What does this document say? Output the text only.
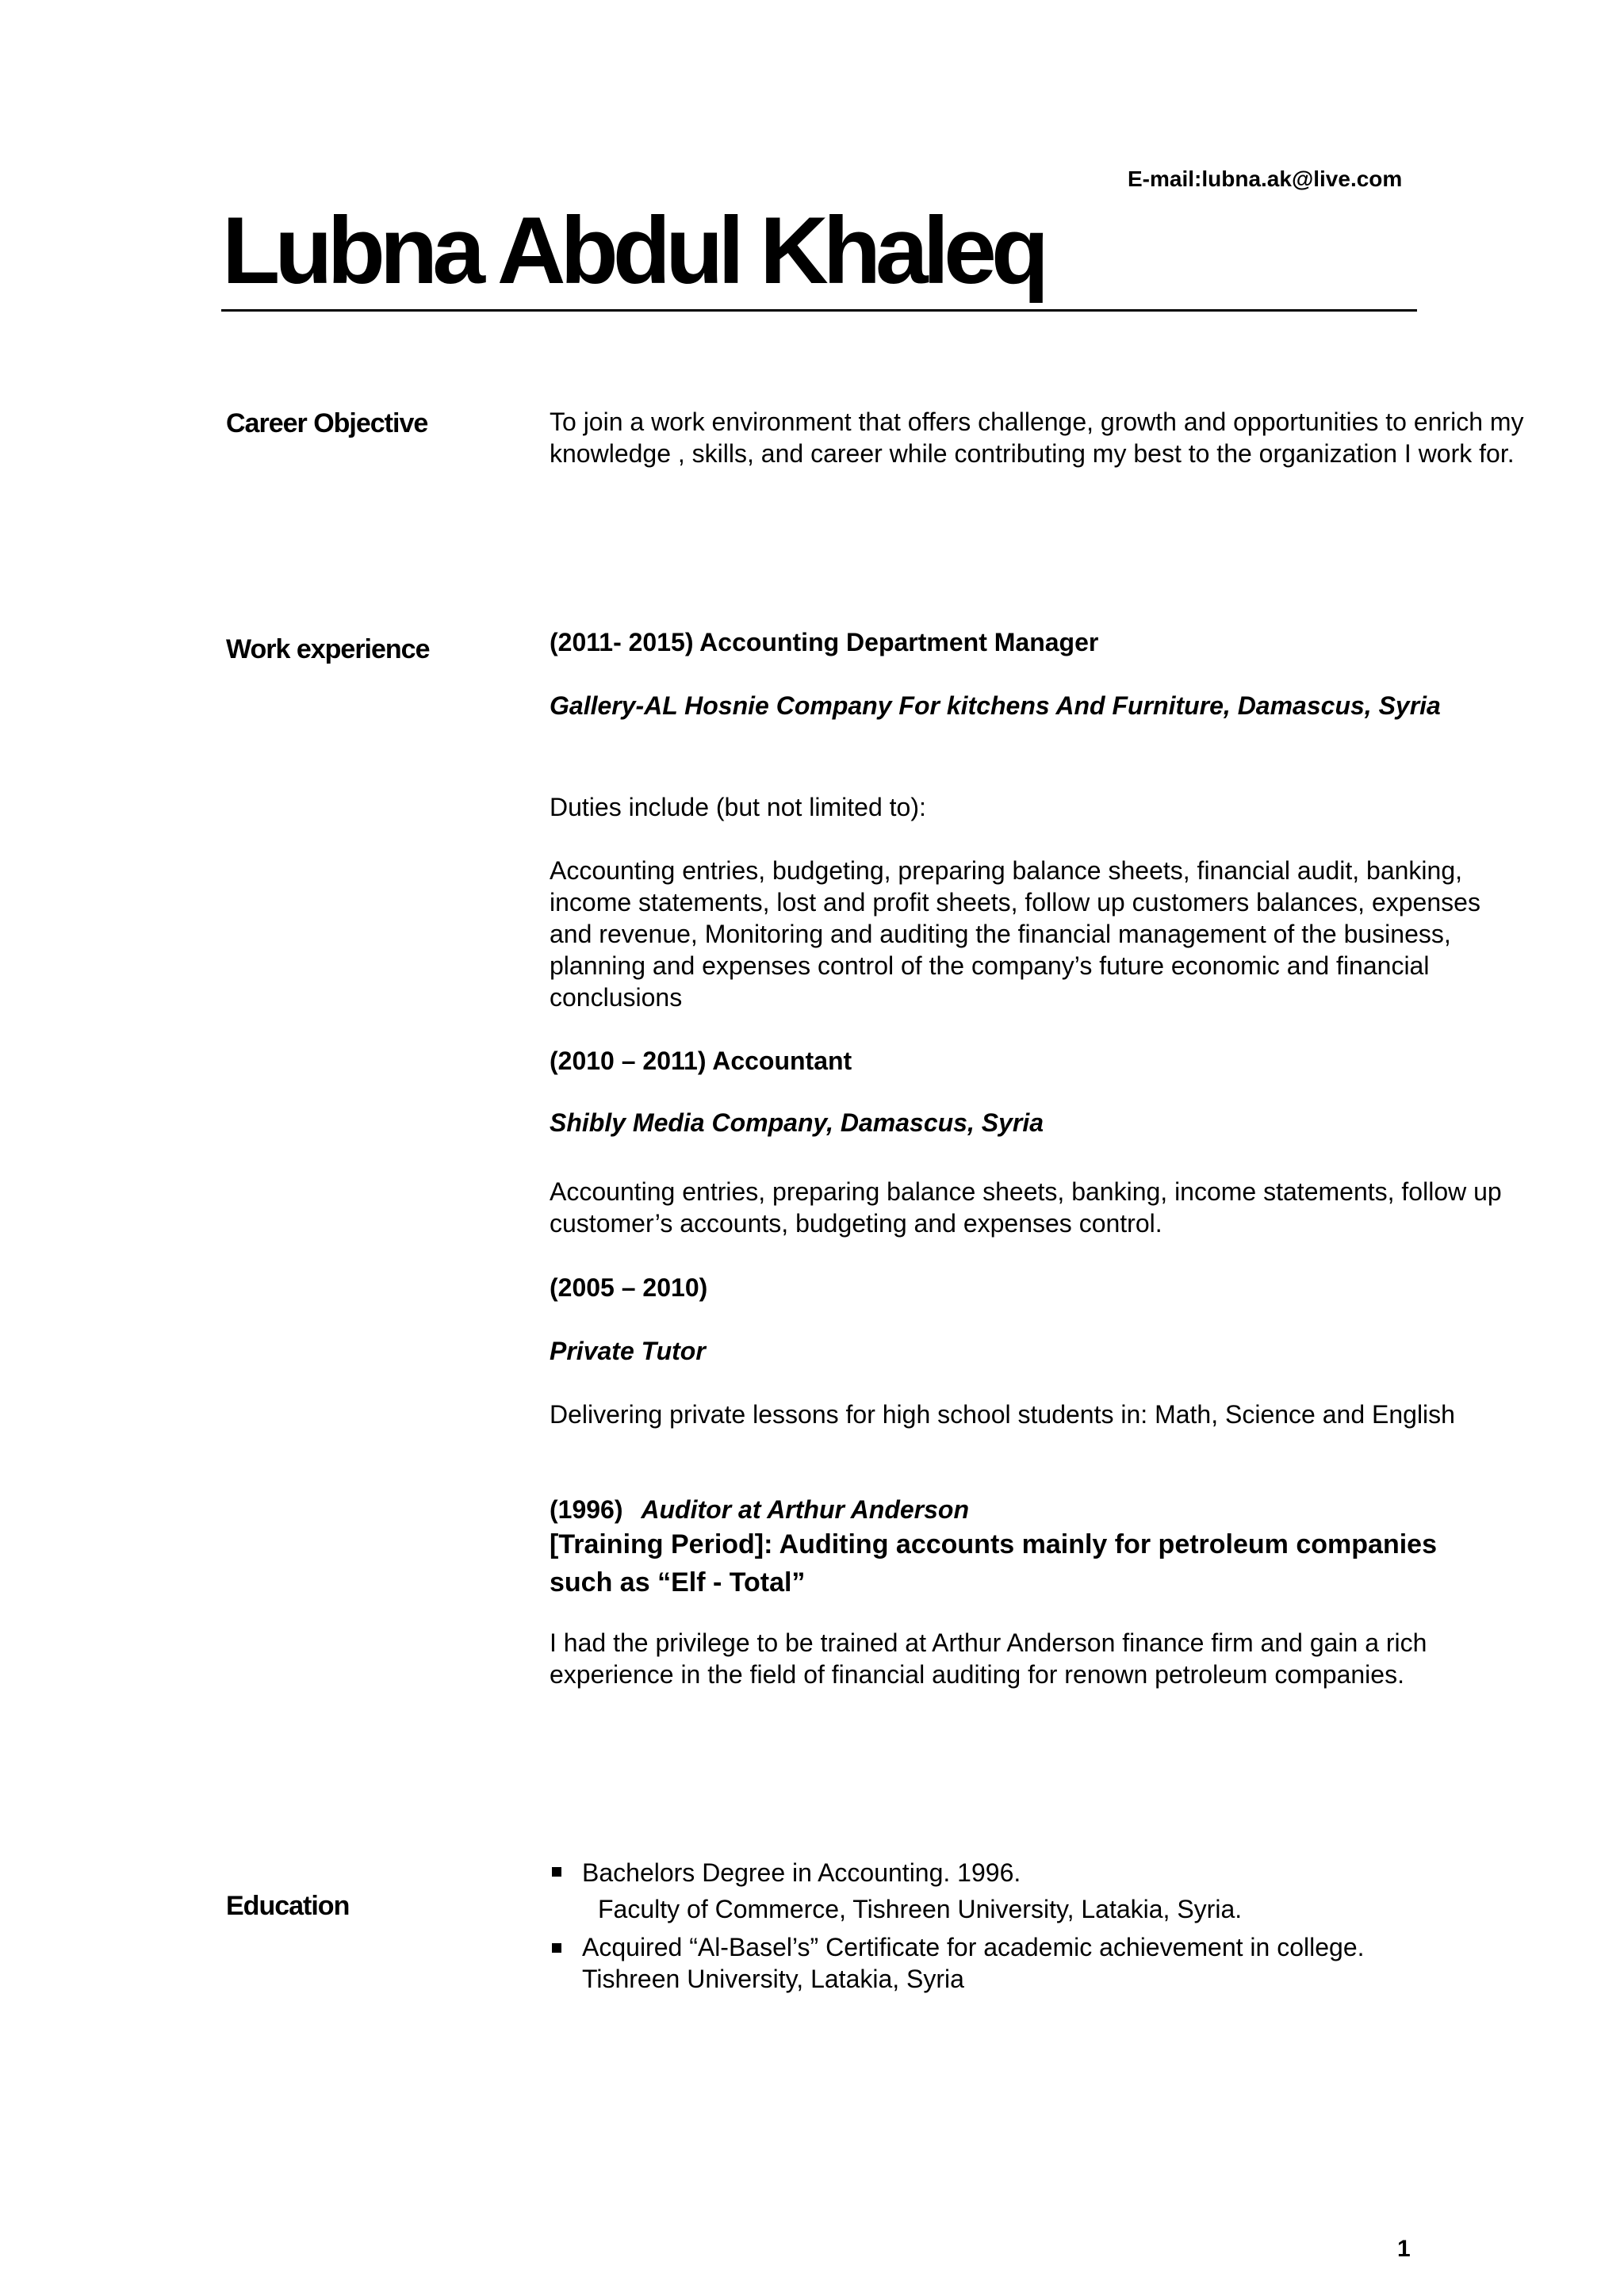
E-mail:lubna.ak@live.com
Lubna Abdul Khaleq
Career Objective	To join a work environment that offers challenge, growth and opportunities to enrich my knowledge , skills, and career while contributing my best to the organization I work for.
Work experience	(2011- 2015) Accounting Department Manager
Gallery-AL Hosnie Company For kitchens And Furniture, Damascus, Syria
Duties include (but not limited to):
Accounting entries, budgeting, preparing balance sheets, financial audit, banking, income statements, lost and profit sheets, follow up customers balances, expenses and revenue, Monitoring and auditing the financial management of the business, planning and expenses control of the company’s future economic and financial conclusions
(2010 – 2011) Accountant
Shibly Media Company, Damascus, Syria
Accounting entries, preparing balance sheets, banking, income statements, follow up customer’s accounts, budgeting and expenses control.
(2005 – 2010)
Private Tutor
Delivering private lessons for high school students in: Math, Science and English
(1996) Auditor at Arthur Anderson
[Training Period]: Auditing accounts mainly for petroleum companies such as “Elf - Total”
I had the privilege to be trained at Arthur Anderson finance firm and gain a rich experience in the field of financial auditing for renown petroleum companies.
Education
Bachelors Degree in Accounting. 1996.
Faculty of Commerce, Tishreen University, Latakia, Syria.
Acquired “Al-Basel’s” Certificate for academic achievement in college.
Tishreen University, Latakia, Syria
1
